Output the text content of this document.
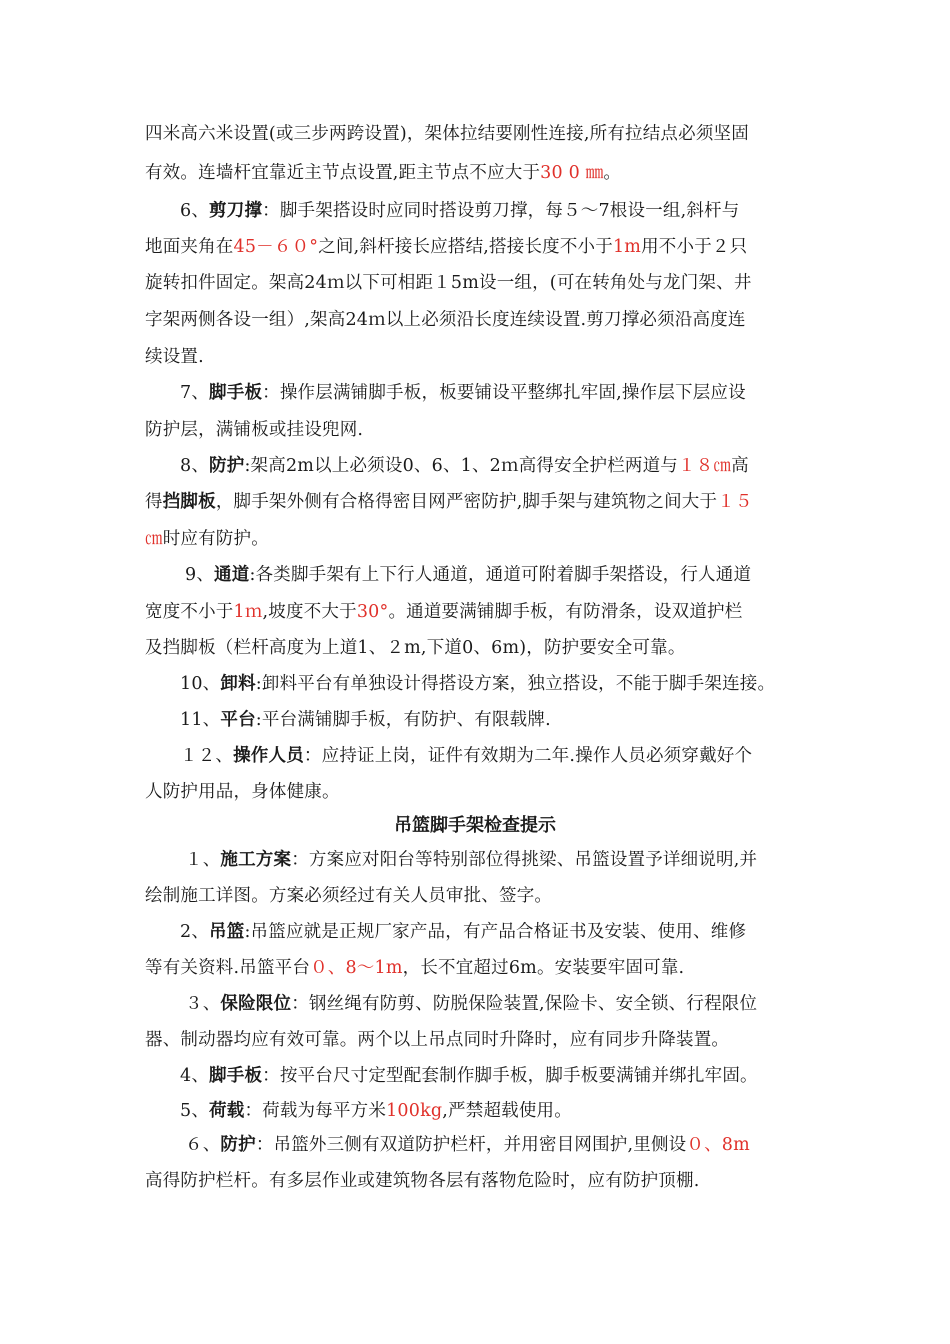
四米高六米设置(或三步两跨设置)，架体拉结要刚性连接,所有拉结点必须坚固
有效。连墙杆宜靠近主节点设置,距主节点不应大于30 0 ㎜。
6、剪刀撑：脚手架搭设时应同时搭设剪刀撑，每５～7根设一组,斜杆与
地面夹角在45－６０°之间,斜杆接长应搭结,搭接长度不小于1m用不小于２只
旋转扣件固定。架高24ｍ以下可相距１5m设一组，(可在转角处与龙门架、井
字架两侧各设一组）,架高24ｍ以上必须沿长度连续设置.剪刀撑必须沿高度连
续设置.
7、脚手板：操作层满铺脚手板，板要铺设平整绑扎牢固,操作层下层应设
防护层，满铺板或挂设兜网.
8、防护:架高2m以上必须设0、6、1、2ｍ高得安全护栏两道与１８㎝高
得挡脚板，脚手架外侧有合格得密目网严密防护,脚手架与建筑物之间大于１５
㎝时应有防护。
9、通道:各类脚手架有上下行人通道，通道可附着脚手架搭设，行人通道
宽度不小于1ｍ,坡度不大于30°。通道要满铺脚手板，有防滑条，设双道护栏
及挡脚板（栏杆高度为上道1、２m,下道0、6m)，防护要安全可靠。
10、卸料:卸料平台有单独设计得搭设方案，独立搭设，不能于脚手架连接。
11、平台:平台满铺脚手板，有防护、有限载牌.
１２、操作人员：应持证上岗，证件有效期为二年.操作人员必须穿戴好个
人防护用品，身体健康。
１、施工方案：方案应对阳台等特别部位得挑梁、吊篮设置予详细说明,并
绘制施工详图。方案必须经过有关人员审批、签字。
2、吊篮:吊篮应就是正规厂家产品，有产品合格证书及安装、使用、维修
等有关资料.吊篮平台０、8～1m，长不宜超过6m。安装要牢固可靠.
３、保险限位：钢丝绳有防剪、防脱保险装置,保险卡、安全锁、行程限位
器、制动器均应有效可靠。两个以上吊点同时升降时，应有同步升降装置。
4、脚手板：按平台尺寸定型配套制作脚手板，脚手板要满铺并绑扎牢固。
5、荷载：荷载为每平方米100kg,严禁超载使用。
６、防护：吊篮外三侧有双道防护栏杆，并用密目网围护,里侧设０、8m
高得防护栏杆。有多层作业或建筑物各层有落物危险时，应有防护顶棚.
吊篮脚手架检查提示
